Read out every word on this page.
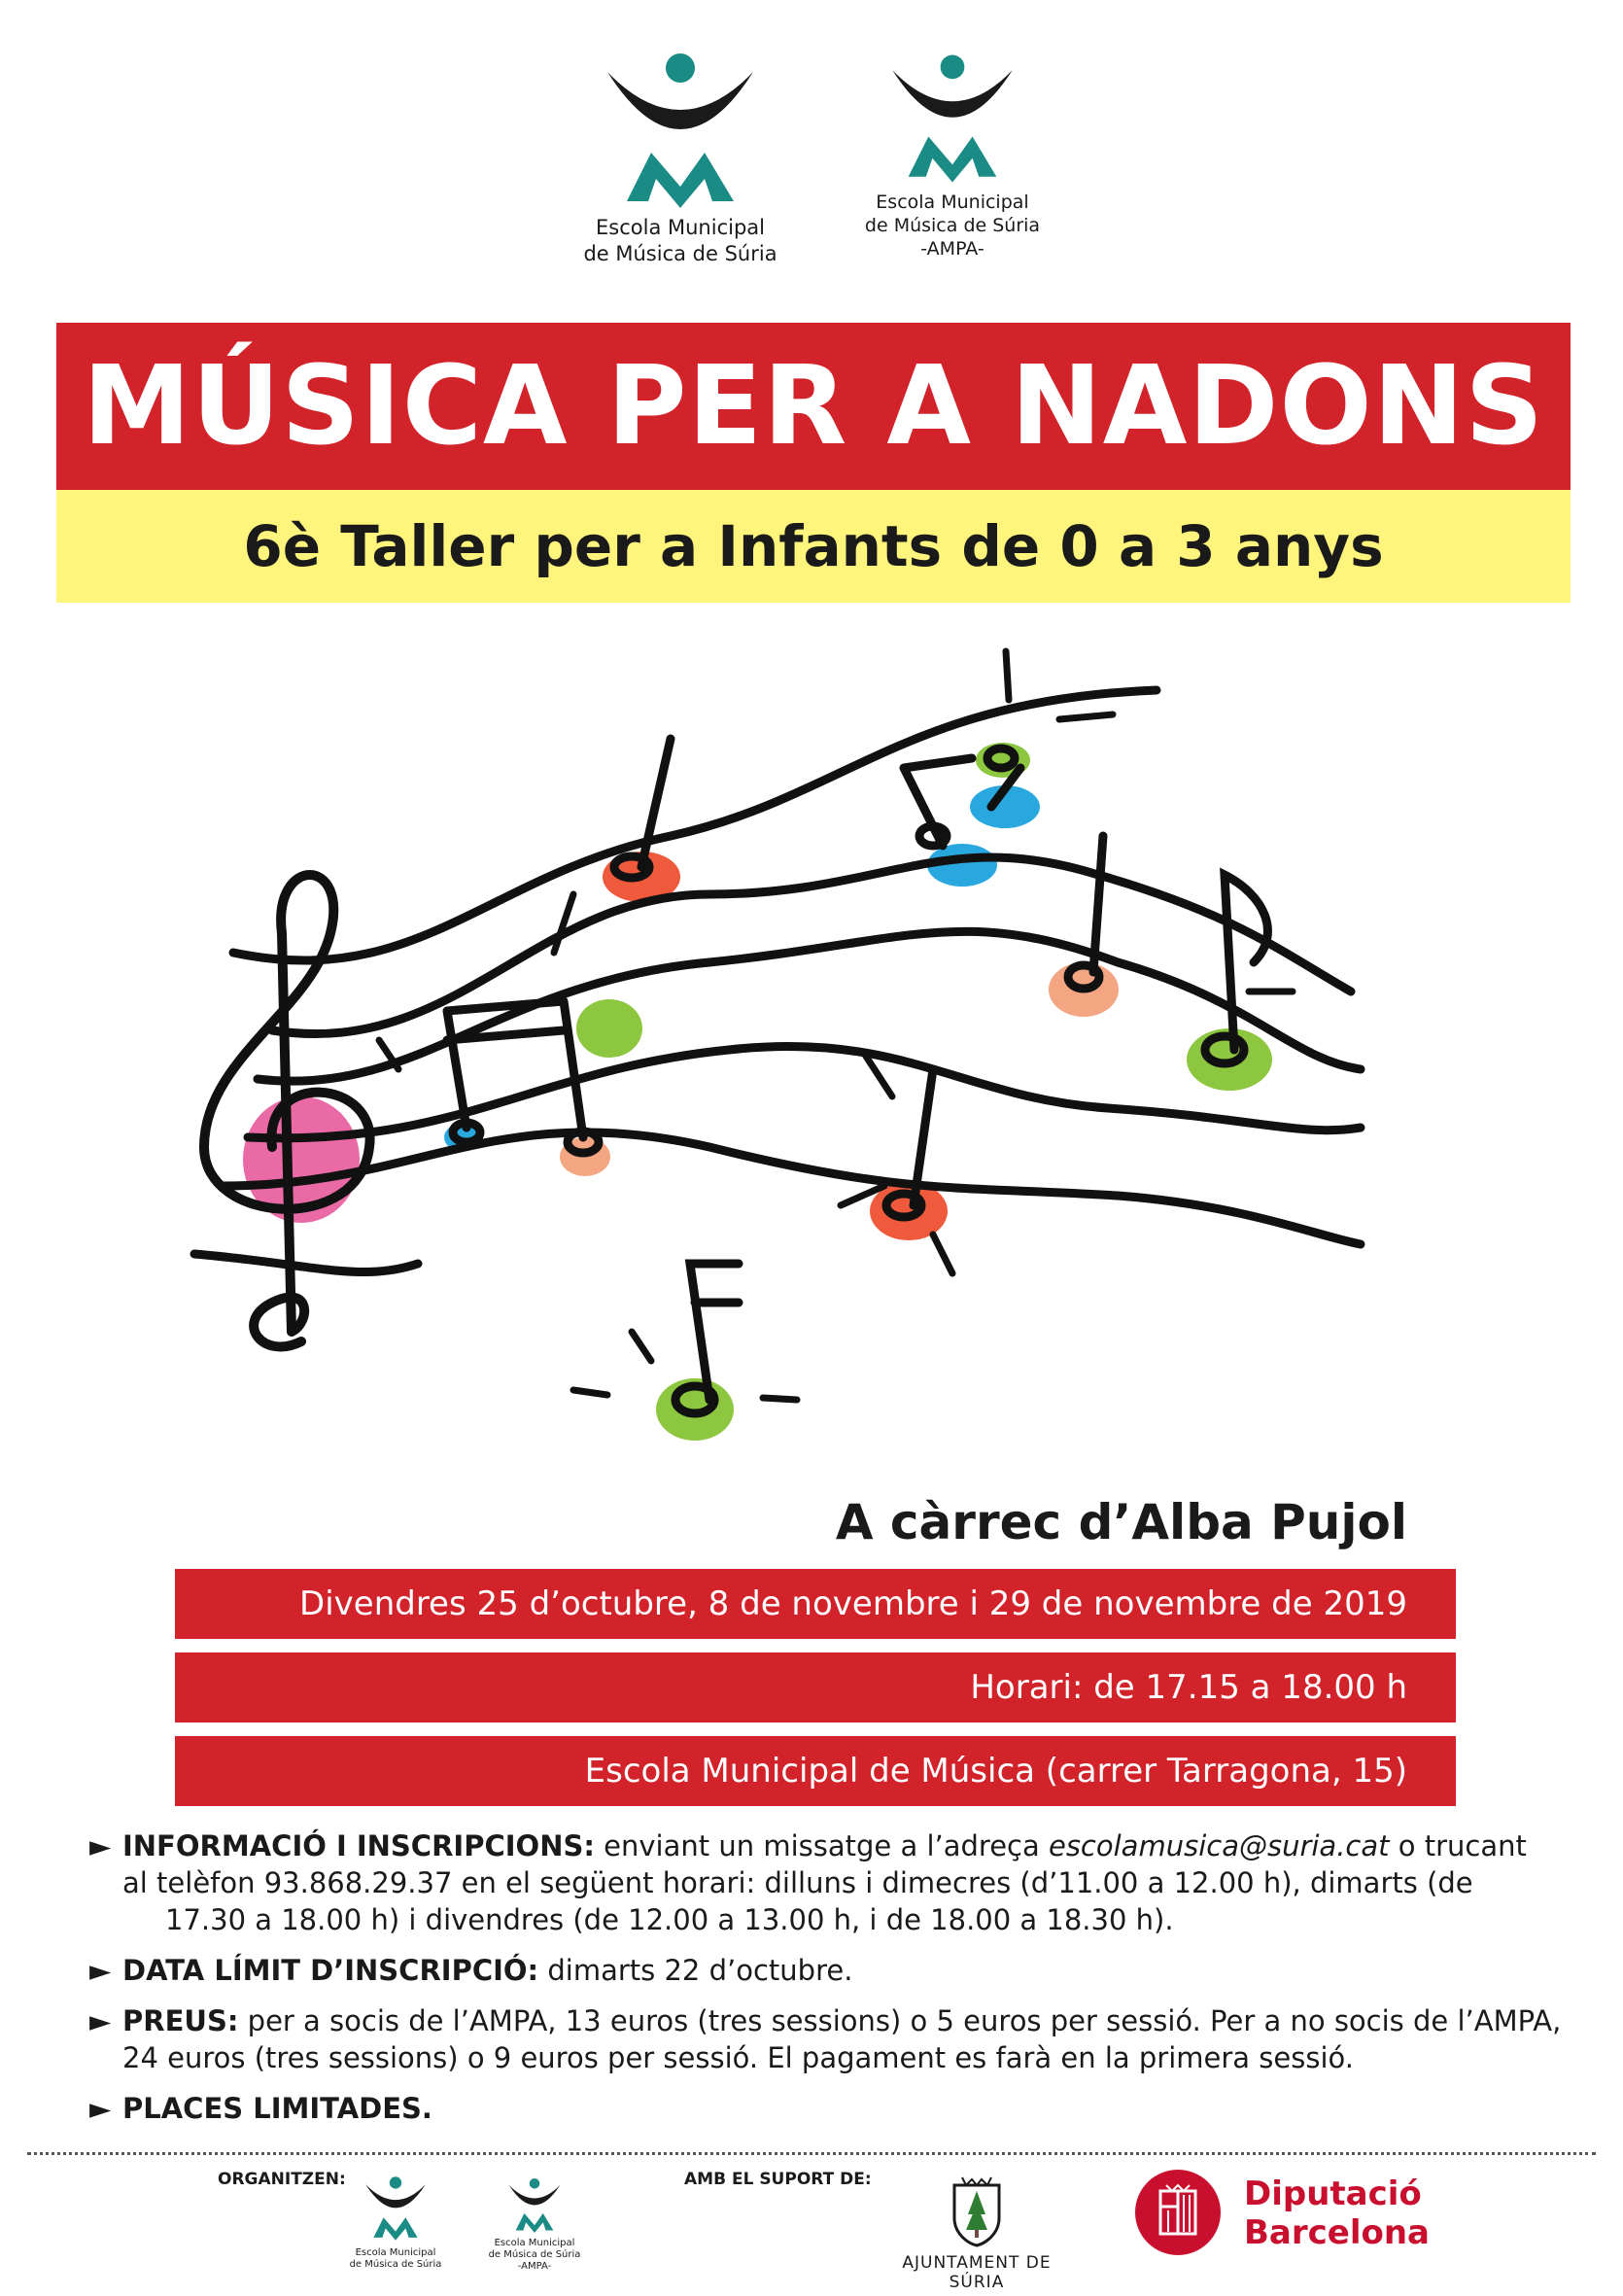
Escola Municipal
de Música de Súria
Escola Municipal
de Música de Súria
-AMPA-
MÚSICA PER A NADONS
6è Taller per a Infants de 0 a 3 anys
A càrrec d’Alba Pujol
Divendres 25 d’octubre, 8 de novembre i 29 de novembre de 2019
Horari: de 17.15 a 18.00 h
Escola Municipal de Música (carrer Tarragona, 15)
► INFORMACIÓ I INSCRIPCIONS: enviant un missatge a l’adreça escolamusica@suria.cat o trucant
al telèfon 93.868.29.37 en el següent horari: dilluns i dimecres (d’11.00 a 12.00 h), dimarts (de
17.30 a 18.00 h) i divendres (de 12.00 a 13.00 h, i de 18.00 a 18.30 h).
► DATA LÍMIT D’INSCRIPCIÓ: dimarts 22 d’octubre.
► PREUS: per a socis de l’AMPA, 13 euros (tres sessions) o 5 euros per sessió. Per a no socis de l’AMPA,
24 euros (tres sessions) o 9 euros per sessió. El pagament es farà en la primera sessió.
► PLACES LIMITADES.
ORGANITZEN:	AMB EL SUPORT DE:
Escola Municipal
de Música de Súria
Escola Municipal
de Música de Súria
-AMPA-	AJUNTAMENT DE SÚRIA
Diputació
Barcelona
